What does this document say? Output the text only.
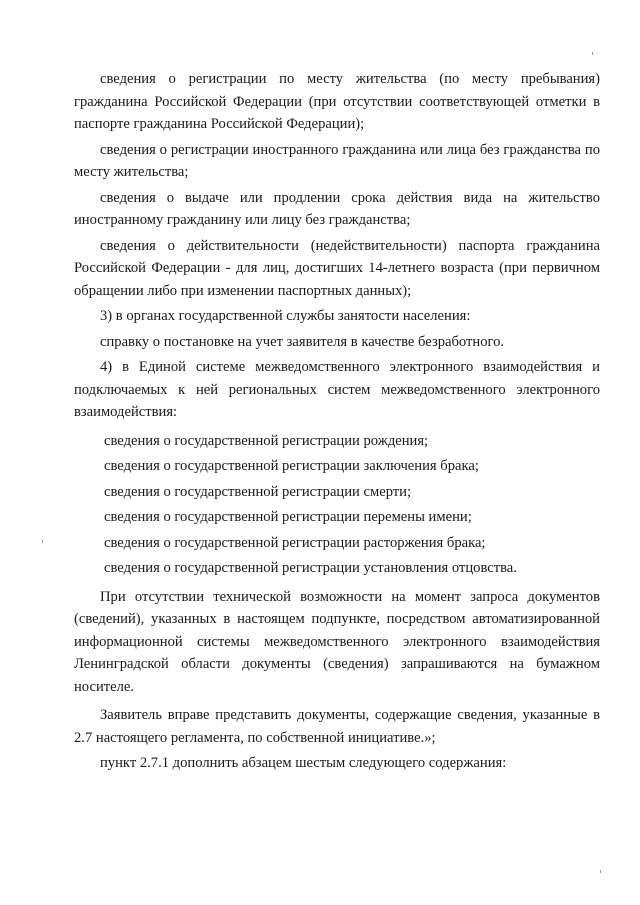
сведения о регистрации по месту жительства (по месту пребывания) гражданина Российской Федерации (при отсутствии соответствующей отметки в паспорте гражданина Российской Федерации);

сведения о регистрации иностранного гражданина или лица без гражданства по месту жительства;

сведения о выдаче или продлении срока действия вида на жительство иностранному гражданину или лицу без гражданства;

сведения о действительности (недействительности) паспорта гражданина Российской Федерации - для лиц, достигших 14-летнего возраста (при первичном обращении либо при изменении паспортных данных);

3) в органах государственной службы занятости населения:

справку о постановке на учет заявителя в качестве безработного.

4) в Единой системе межведомственного электронного взаимодействия и подключаемых к ней региональных систем межведомственного электронного взаимодействия:

сведения о государственной регистрации рождения;

сведения о государственной регистрации заключения брака;

сведения о государственной регистрации смерти;

сведения о государственной регистрации перемены имени;

сведения о государственной регистрации расторжения брака;

сведения о государственной регистрации установления отцовства.

При отсутствии технической возможности на момент запроса документов (сведений), указанных в настоящем подпункте, посредством автоматизированной информационной системы межведомственного электронного взаимодействия Ленинградской области документы (сведения) запрашиваются на бумажном носителе.

Заявитель вправе представить документы, содержащие сведения, указанные в 2.7 настоящего регламента, по собственной инициативе.»;

пункт 2.7.1 дополнить абзацем шестым следующего содержания:
